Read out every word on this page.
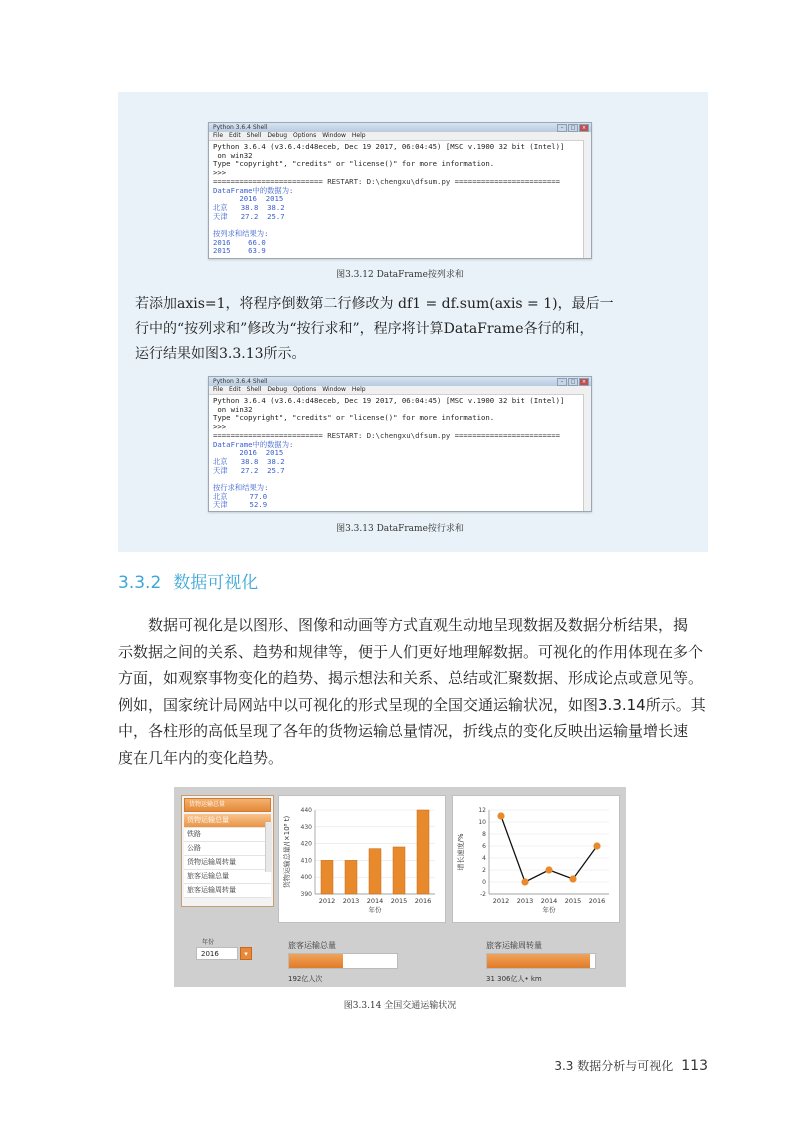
Python 3.6.4 Shell	–	□	×
File Edit Shell Debug Options Window Help
Python 3.6.4 (v3.6.4:d48eceb, Dec 19 2017, 06:04:45) [MSC v.1900 32 bit (Intel)]
on win32
Type "copyright", "credits" or "license()" for more information.
>>>
========================= RESTART: D:\chengxu\dfsum.py ========================
DataFrame中的数据为:
2016  2015
北京   38.8  38.2
天津   27.2  25.7

按列求和结果为:
2016    66.0
2015    63.9
图3.3.12 DataFrame按列求和
若添加axis=1，将程序倒数第二行修改为 df1 = df.sum(axis = 1)，最后一
行中的“按列求和”修改为“按行求和”，程序将计算DataFrame各行的和，
运行结果如图3.3.13所示。
Python 3.6.4 Shell	–	□	×
File Edit Shell Debug Options Window Help
Python 3.6.4 (v3.6.4:d48eceb, Dec 19 2017, 06:04:45) [MSC v.1900 32 bit (Intel)]
on win32
Type "copyright", "credits" or "license()" for more information.
>>>
========================= RESTART: D:\chengxu\dfsum.py ========================
DataFrame中的数据为:
2016  2015
北京   38.8  38.2
天津   27.2  25.7

按行求和结果为:
北京     77.0
天津     52.9
图3.3.13 DataFrame按行求和
3.3.2 数据可视化
　　数据可视化是以图形、图像和动画等方式直观生动地呈现数据及数据分析结果，揭
示数据之间的关系、趋势和规律等，便于人们更好地理解数据。可视化的作用体现在多个
方面，如观察事物变化的趋势、揭示想法和关系、总结或汇聚数据、形成论点或意见等。
例如，国家统计局网站中以可视化的形式呈现的全国交通运输状况，如图3.3.14所示。其
中，各柱形的高低呈现了各年的货物运输总量情况，折线点的变化反映出运输量增长速
度在几年内的变化趋势。
货物运输总量
货物运输总量
铁路
公路
货物运输周转量
旅客运输总量
旅客运输周转量
390
400
410
420
430
440
2012 2013 2014 2015 2016
年份
货物运输总量/(×10⁸ t)
-2
0
2
4
6
8
10
12
2012 2013 2014 2015 2016
年份
增长速度/%
年份
2016	▾
旅客运输总量
192亿人次
旅客运输周转量
31 306亿人• km
图3.3.14 全国交通运输状况
3.3 数据分析与可视化 113
